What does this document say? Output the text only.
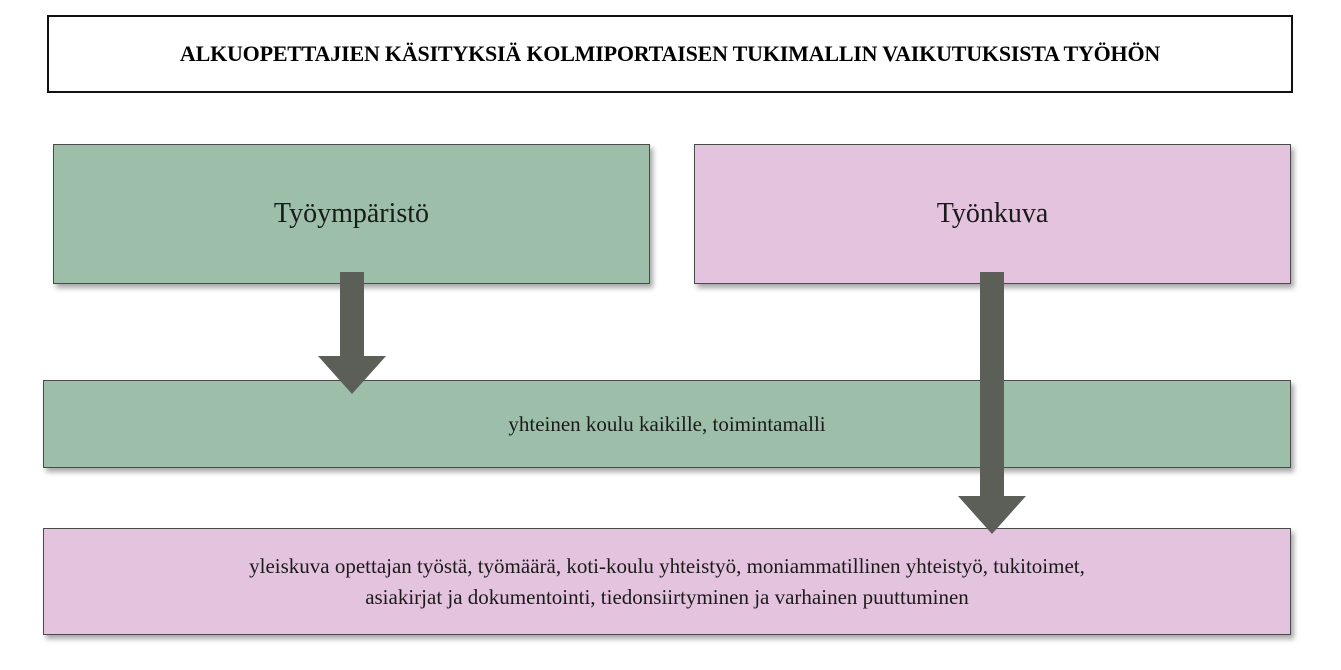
ALKUOPETTAJIEN KÄSITYKSIÄ KOLMIPORTAISEN TUKIMALLIN VAIKUTUKSISTA TYÖHÖN
Työympäristö	Työnkuva
yhteinen koulu kaikille, toimintamalli
yleiskuva opettajan työstä, työmäärä, koti-koulu yhteistyö, moniammatillinen yhteistyö, tukitoimet,
asiakirjat ja dokumentointi, tiedonsiirtyminen ja varhainen puuttuminen
